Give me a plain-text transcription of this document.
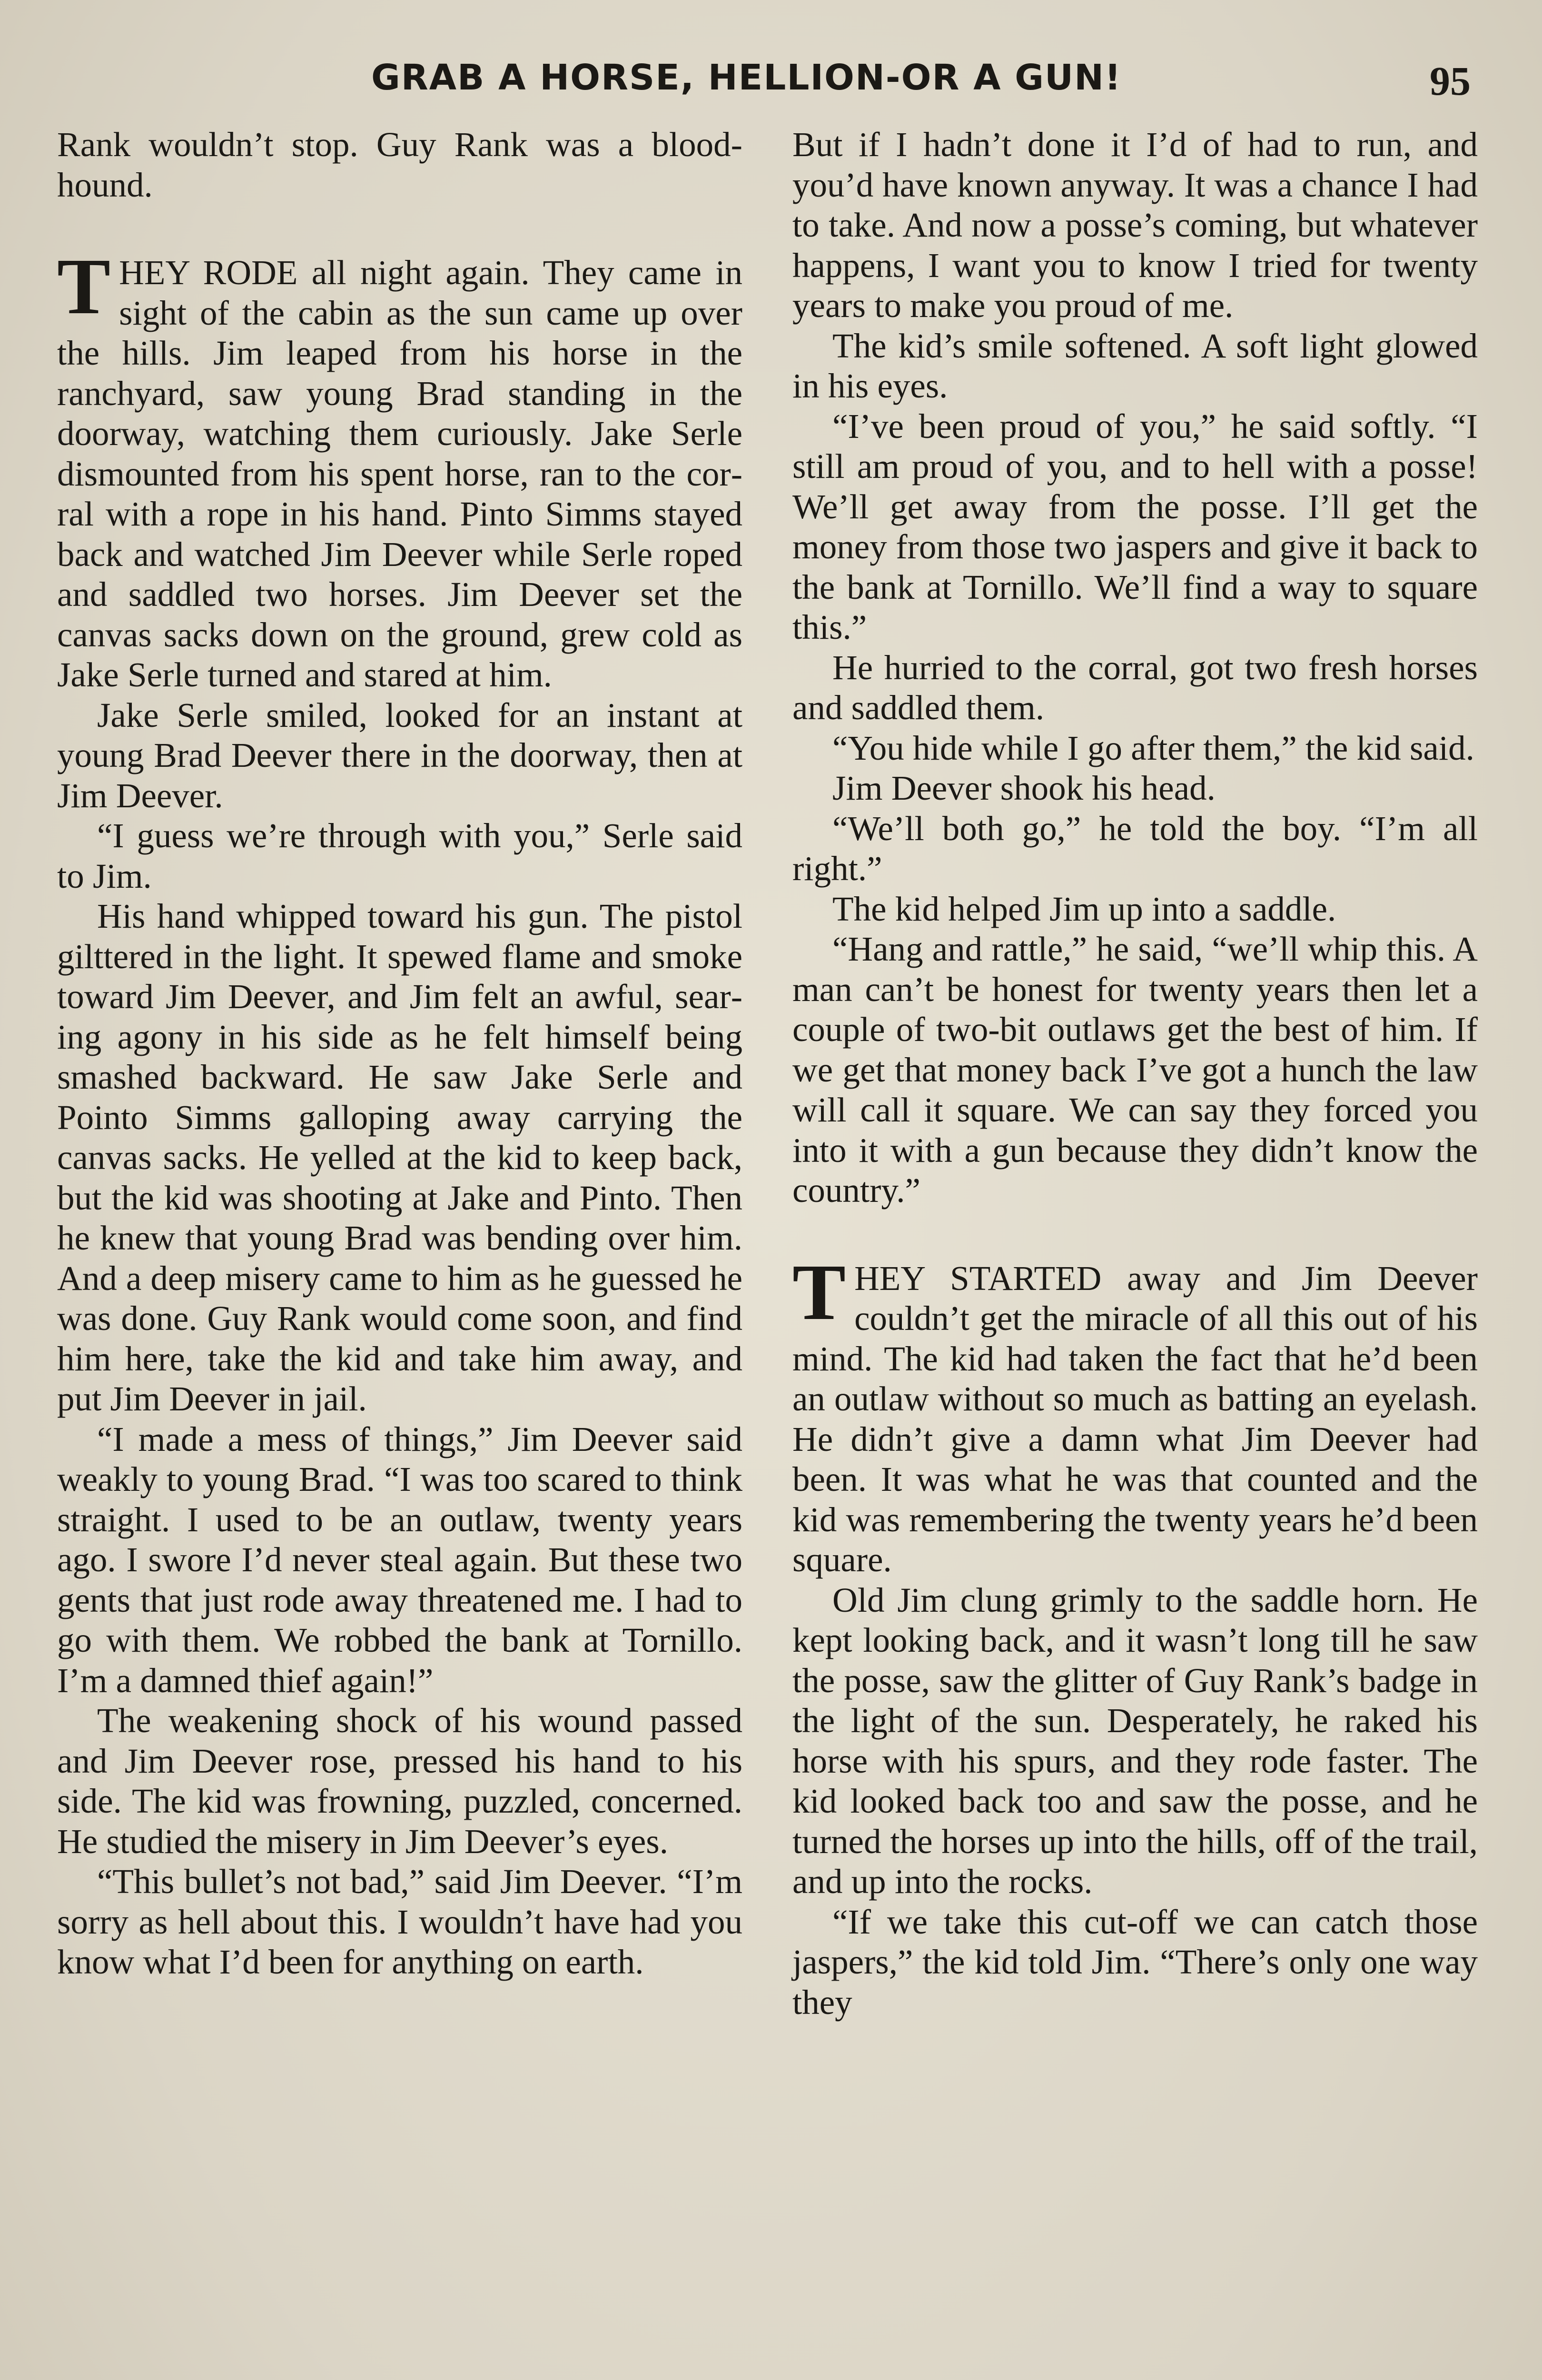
GRAB A HORSE, HELLION-OR A GUN!	95

Rank wouldn’t stop. Guy Rank was a blood-hound.

THEY RODE all night again. They came in sight of the cabin as the sun came up over the hills. Jim leaped from his horse in the ranchyard, saw young Brad standing in the doorway, watching them curiously. Jake Serle dismounted from his spent horse, ran to the corral with a rope in his hand. Pinto Simms stayed back and watched Jim Deever while Serle roped and saddled two horses. Jim Deever set the canvas sacks down on the ground, grew cold as Jake Serle turned and stared at him.

Jake Serle smiled, looked for an instant at young Brad Deever there in the doorway, then at Jim Deever.

“I guess we’re through with you,” Serle said to Jim.

His hand whipped toward his gun. The pistol gilttered in the light. It spewed flame and smoke toward Jim Deever, and Jim felt an awful, searing agony in his side as he felt himself being smashed backward. He saw Jake Serle and Pointo Simms galloping away carrying the canvas sacks. He yelled at the kid to keep back, but the kid was shooting at Jake and Pinto. Then he knew that young Brad was bending over him. And a deep misery came to him as he guessed he was done. Guy Rank would come soon, and find him here, take the kid and take him away, and put Jim Deever in jail.

“I made a mess of things,” Jim Deever said weakly to young Brad. “I was too scared to think straight. I used to be an outlaw, twenty years ago. I swore I’d never steal again. But these two gents that just rode away threatened me. I had to go with them. We robbed the bank at Tornillo. I’m a damned thief again!”

The weakening shock of his wound passed and Jim Deever rose, pressed his hand to his side. The kid was frowning, puzzled, concerned. He studied the misery in Jim Deever’s eyes.

“This bullet’s not bad,” said Jim Deever. “I’m sorry as hell about this. I wouldn’t have had you know what I’d been for anything on earth.

But if I hadn’t done it I’d of had to run, and you’d have known anyway. It was a chance I had to take. And now a posse’s coming, but whatever happens, I want you to know I tried for twenty years to make you proud of me.

The kid’s smile softened. A soft light glowed in his eyes.

“I’ve been proud of you,” he said softly. “I still am proud of you, and to hell with a posse! We’ll get away from the posse. I’ll get the money from those two jaspers and give it back to the bank at Tornillo. We’ll find a way to square this.”

He hurried to the corral, got two fresh horses and saddled them.

“You hide while I go after them,” the kid said.

Jim Deever shook his head.

“We’ll both go,” he told the boy. “I’m all right.”

The kid helped Jim up into a saddle.

“Hang and rattle,” he said, “we’ll whip this. A man can’t be honest for twenty years then let a couple of two-bit outlaws get the best of him. If we get that money back I’ve got a hunch the law will call it square. We can say they forced you into it with a gun because they didn’t know the country.”

THEY STARTED away and Jim Deever couldn’t get the miracle of all this out of his mind. The kid had taken the fact that he’d been an outlaw without so much as batting an eyelash. He didn’t give a damn what Jim Deever had been. It was what he was that counted and the kid was remembering the twenty years he’d been square.

Old Jim clung grimly to the saddle horn. He kept looking back, and it wasn’t long till he saw the posse, saw the glitter of Guy Rank’s badge in the light of the sun. Desperately, he raked his horse with his spurs, and they rode faster. The kid looked back too and saw the posse, and he turned the horses up into the hills, off of the trail, and up into the rocks.

“If we take this cut-off we can catch those jaspers,” the kid told Jim. “There’s only one way they
